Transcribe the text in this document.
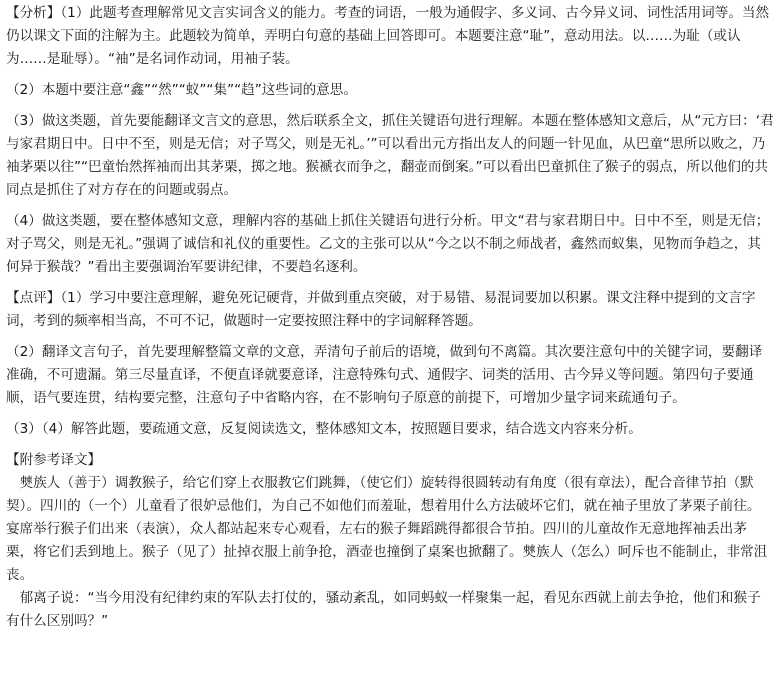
【分析】（1）此题考查理解常见文言实词含义的能力。考查的词语，一般为通假字、多义词、古今异义词、词性活用词等。当然仍以课文下面的注解为主。此题较为简单，弄明白句意的基础上回答即可。本题要注意“耻”，意动用法。以……为耻（或认为……是耻辱）。“袖”是名词作动词，用袖子装。

（2）本题中要注意“鑫”“然”“蚁”“集”“趋”这些词的意思。

（3）做这类题，首先要能翻译文言文的意思，然后联系全文，抓住关键语句进行理解。本题在整体感知文意后，从“元方曰：‘君与家君期日中。日中不至，则是无信；对子骂父，则是无礼。’”可以看出元方指出友人的问题一针见血，从巴童“思所以败之，乃袖茅栗以往”“巴童怡然挥袖而出其茅栗，掷之地。猴褫衣而争之，翻壶而倒案。”可以看出巴童抓住了猴子的弱点，所以他们的共同点是抓住了对方存在的问题或弱点。

（4）做这类题，要在整体感知文意，理解内容的基础上抓住关键语句进行分析。甲文“君与家君期日中。日中不至，则是无信；对子骂父，则是无礼。”强调了诚信和礼仪的重要性。乙文的主张可以从“今之以不制之师战者，鑫然而蚁集，见物而争趋之，其何异于猴哉？”看出主要强调治军要讲纪律，不要趋名逐利。

【点评】（1）学习中要注意理解，避免死记硬背，并做到重点突破，对于易错、易混词要加以积累。课文注释中提到的文言字词，考到的频率相当高，不可不记，做题时一定要按照注释中的字词解释答题。

（2）翻译文言句子，首先要理解整篇文章的文意，弄清句子前后的语境，做到句不离篇。其次要注意句中的关键字词，要翻译准确，不可遗漏。第三尽量直译，不便直译就要意译，注意特殊句式、通假字、词类的活用、古今异义等问题。第四句子要通顺，语气要连贯，结构要完整，注意句子中省略内容，在不影响句子原意的前提下，可增加少量字词来疏通句子。

（3）（4）解答此题，要疏通文意，反复阅读选文，整体感知文本，按照题目要求，结合选文内容来分析。

【附参考译文】

　僰族人（善于）调教猴子，给它们穿上衣服教它们跳舞，（使它们）旋转得很圆转动有角度（很有章法），配合音律节拍（默契）。四川的（一个）儿童看了很妒忌他们，为自己不如他们而羞耻，想着用什么方法破坏它们，就在袖子里放了茅栗子前往。宴席举行猴子们出来（表演），众人都站起来专心观看，左右的猴子舞蹈跳得都很合节拍。四川的儿童故作无意地挥袖丢出茅栗，将它们丢到地上。猴子（见了）扯掉衣服上前争抢，酒壶也撞倒了桌案也掀翻了。僰族人（怎么）呵斥也不能制止，非常沮丧。

　郁离子说：“当今用没有纪律约束的军队去打仗的，骚动紊乱，如同蚂蚁一样聚集一起，看见东西就上前去争抢，他们和猴子有什么区别吗？”
